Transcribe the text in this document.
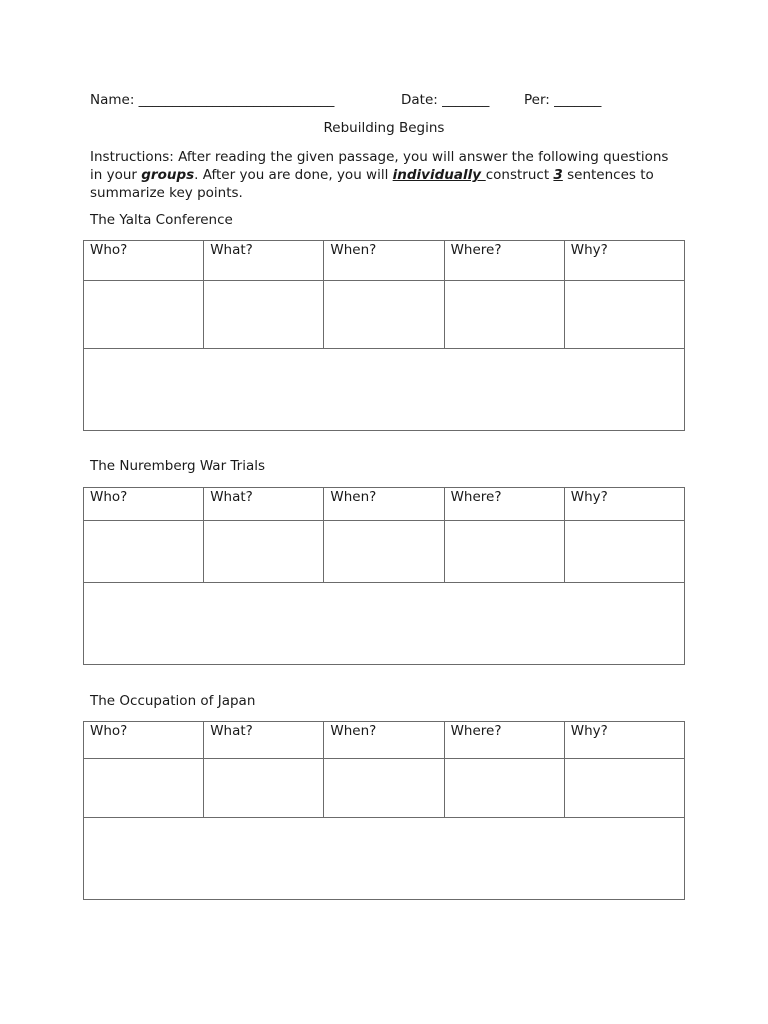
Name: _____________________________	Date: _______	Per: _______
Rebuilding Begins
Instructions: After reading the given passage, you will answer the following questions in your groups. After you are done, you will individually construct 3 sentences to summarize key points.
The Yalta Conference
Who?	What?	When?	Where?	Why?

The Nuremberg War Trials
Who?	What?	When?	Where?	Why?

The Occupation of Japan
Who?	What?	When?	Where?	Why?
